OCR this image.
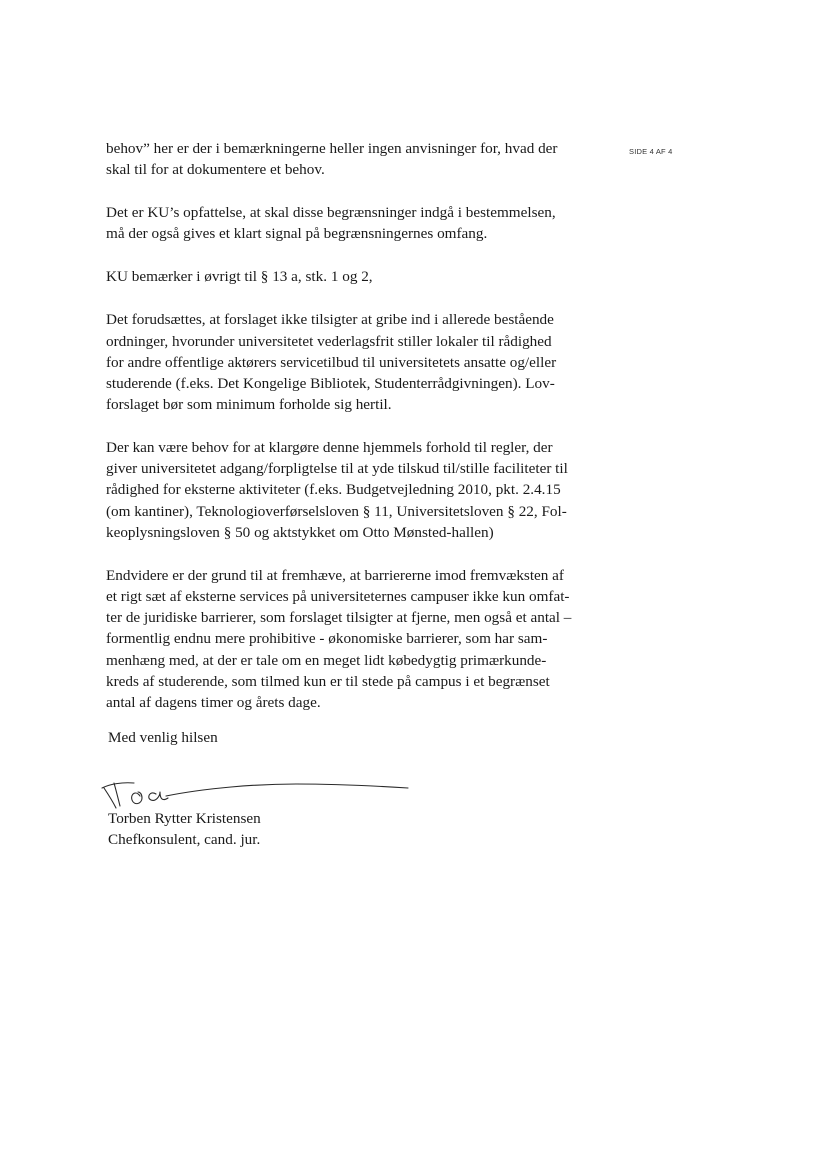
SIDE 4 AF 4
behov” her er der i bemærkningerne heller ingen anvisninger for, hvad der
skal til for at dokumentere et behov.
Det er KU’s opfattelse, at skal disse begrænsninger indgå i bestemmelsen,
må der også gives et klart signal på begrænsningernes omfang.
KU bemærker i øvrigt til § 13 a, stk. 1 og 2,
Det forudsættes, at forslaget ikke tilsigter at gribe ind i allerede bestående
ordninger, hvorunder universitetet vederlagsfrit stiller lokaler til rådighed
for andre offentlige aktørers servicetilbud til universitetets ansatte og/eller
studerende (f.eks. Det Kongelige Bibliotek, Studenterrådgivningen). Lov-
forslaget bør som minimum forholde sig hertil.
Der kan være behov for at klargøre denne hjemmels forhold til regler, der
giver universitetet adgang/forpligtelse til at yde tilskud til/stille faciliteter til
rådighed for eksterne aktiviteter (f.eks. Budgetvejledning 2010, pkt. 2.4.15
(om kantiner), Teknologioverførselsloven § 11, Universitetsloven § 22, Fol-
keoplysningsloven § 50 og aktstykket om Otto Mønsted-hallen)
Endvidere er der grund til at fremhæve, at barriererne imod fremvæksten af
et rigt sæt af eksterne services på universiteternes campuser ikke kun omfat-
ter de juridiske barrierer, som forslaget tilsigter at fjerne, men også et antal –
formentlig endnu mere prohibitive - økonomiske barrierer, som har sam-
menhæng med, at der er tale om en meget lidt købedygtig primærkunde-
kreds af studerende, som tilmed kun er til stede på campus i et begrænset
antal af dagens timer og årets dage.
Med venlig hilsen
Torben Rytter Kristensen
Chefkonsulent, cand. jur.
